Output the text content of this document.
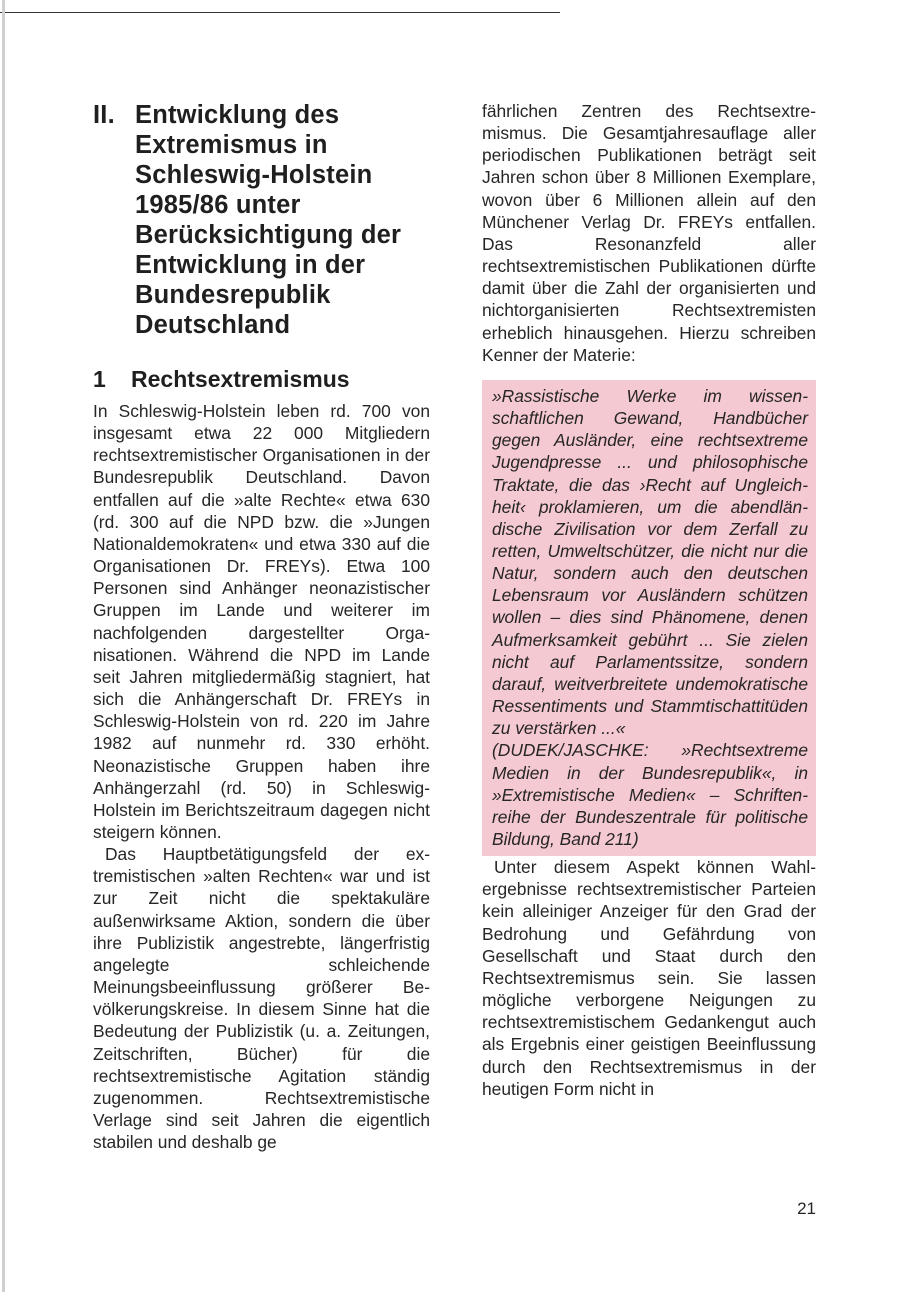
II. Entwicklung des
Extremismus in
Schleswig-Holstein
1985/86 unter
Berücksichtigung der
Entwicklung in der
Bundesrepublik
Deutschland
1 Rechtsextremismus

In Schleswig-Holstein leben rd. 700 von insgesamt etwa 22 000 Mitgliedern rechtsextremistischer Organisationen in der Bundesrepublik Deutschland. Davon entfallen auf die »alte Rechte« etwa 630 (rd. 300 auf die NPD bzw. die »Jungen Nationaldemokraten« und etwa 330 auf die Organisationen Dr. FREYs). Etwa 100 Personen sind Anhänger neonazistischer Gruppen im Lande und weiterer im nachfolgenden dargestellter Organisationen. Während die NPD im Lande seit Jahren mitgliedermäßig stagniert, hat sich die Anhängerschaft Dr. FREYs in Schleswig-Holstein von rd. 220 im Jahre 1982 auf nunmehr rd. 330 erhöht. Neonazistische Gruppen haben ihre Anhängerzahl (rd. 50) in Schleswig-Holstein im Berichtszeitraum dagegen nicht steigern können.

Das Hauptbetätigungsfeld der extremistischen »alten Rechten« war und ist zur Zeit nicht die spektakuläre außenwirksame Aktion, sondern die über ihre Publizistik angestrebte, längerfristig angelegte schleichende Meinungsbeeinflussung größerer Bevölkerungskreise. In diesem Sinne hat die Bedeutung der Publizistik (u. a. Zeitungen, Zeitschriften, Bücher) für die rechtsextremistische Agitation ständig zugenommen. Rechtsextremistische Verlage sind seit Jahren die eigentlich stabilen und deshalb ge

fährlichen Zentren des Rechtsextremismus. Die Gesamtjahresauflage aller periodischen Publikationen beträgt seit Jahren schon über 8 Millionen Exemplare, wovon über 6 Millionen allein auf den Münchener Verlag Dr. FREYs entfallen. Das Resonanzfeld aller rechtsextremistischen Publikationen dürfte damit über die Zahl der organisierten und nichtorganisierten Rechtsextremisten erheblich hinausgehen. Hierzu schreiben Kenner der Materie:

»Rassistische Werke im wissenschaftlichen Gewand, Handbücher gegen Ausländer, eine rechtsextreme Jugendpresse ... und philosophische Traktate, die das ›Recht auf Ungleichheit‹ proklamieren, um die abendländische Zivilisation vor dem Zerfall zu retten, Umweltschützer, die nicht nur die Natur, sondern auch den deutschen Lebensraum vor Ausländern schützen wollen – dies sind Phänomene, denen Aufmerksamkeit gebührt ... Sie zielen nicht auf Parlamentssitze, sondern darauf, weitverbreitete undemokratische Ressentiments und Stammtischattitüden zu verstärken ...«

(DUDEK/JASCHKE: »Rechtsextreme Medien in der Bundesrepublik«, in »Extremistische Medien« – Schriftenreihe der Bundeszentrale für politische Bildung, Band 211)

Unter diesem Aspekt können Wahlergebnisse rechtsextremistischer Parteien kein alleiniger Anzeiger für den Grad der Bedrohung und Gefährdung von Gesellschaft und Staat durch den Rechtsextremismus sein. Sie lassen mögliche verborgene Neigungen zu rechtsextremistischem Gedankengut auch als Ergebnis einer geistigen Beeinflussung durch den Rechtsextremismus in der heutigen Form nicht in

21
